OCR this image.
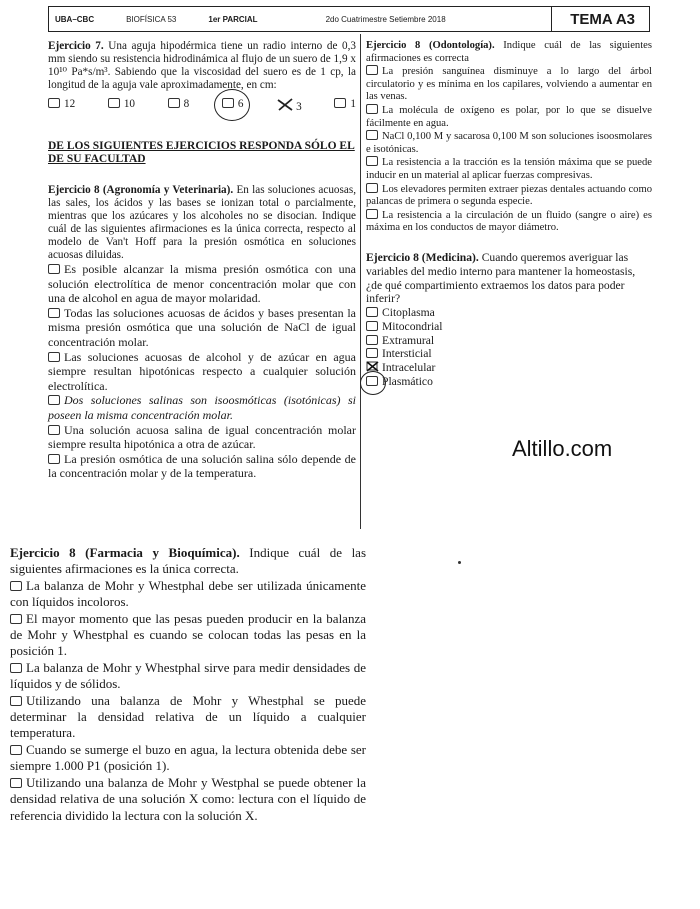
UBA–CBC	BIOFÍSICA 53	1er PARCIAL	2do Cuatrimestre Setiembre 2018	TEMA A3

Ejercicio 7. Una aguja hipodérmica tiene un radio interno de 0,3 mm siendo su resistencia hidrodinámica al flujo de un suero de 1,9 x 10¹⁰ Pa*s/m³. Sabiendo que la viscosidad del suero es de 1 cp, la longitud de la aguja vale aproximadamente, en cm:

12	10	8	6	3	1
DE LOS SIGUIENTES EJERCICIOS RESPONDA SÓLO EL DE SU FACULTAD

Ejercicio 8 (Agronomía y Veterinaria). En las soluciones acuosas, las sales, los ácidos y las bases se ionizan total o parcialmente, mientras que los azúcares y los alcoholes no se disocian. Indique cuál de las siguientes afirmaciones es la única correcta, respecto al modelo de Van't Hoff para la presión osmótica en soluciones acuosas diluidas.

Es posible alcanzar la misma presión osmótica con una solución electrolítica de menor concentración molar que con una de alcohol en agua de mayor molaridad.
Todas las soluciones acuosas de ácidos y bases presentan la misma presión osmótica que una solución de NaCl de igual concentración molar.
Las soluciones acuosas de alcohol y de azúcar en agua siempre resultan hipotónicas respecto a cualquier solución electrolítica.
Dos soluciones salinas son isoosmóticas (isotónicas) si poseen la misma concentración molar.
Una solución acuosa salina de igual concentración molar siempre resulta hipotónica a otra de azúcar.
La presión osmótica de una solución salina sólo depende de la concentración molar y de la temperatura.

Ejercicio 8 (Farmacia y Bioquímica). Indique cuál de las siguientes afirmaciones es la única correcta.

La balanza de Mohr y Whestphal debe ser utilizada únicamente con líquidos incoloros.
El mayor momento que las pesas pueden producir en la balanza de Mohr y Whestphal es cuando se colocan todas las pesas en la posición 1.
La balanza de Mohr y Whestphal sirve para medir densidades de líquidos y de sólidos.
Utilizando una balanza de Mohr y Whestphal se puede determinar la densidad relativa de un líquido a cualquier temperatura.
Cuando se sumerge el buzo en agua, la lectura obtenida debe ser siempre 1.000 P1 (posición 1).
Utilizando una balanza de Mohr y Westphal se puede obtener la densidad relativa de una solución X como: lectura con el líquido de referencia dividido la lectura con la solución X.

Ejercicio 8 (Odontología). Indique cuál de las siguientes afirmaciones es correcta

La presión sanguínea disminuye a lo largo del árbol circulatorio y es mínima en los capilares, volviendo a aumentar en las venas.
La molécula de oxígeno es polar, por lo que se disuelve fácilmente en agua.
NaCl 0,100 M y sacarosa 0,100 M son soluciones isoosmolares e isotónicas.
La resistencia a la tracción es la tensión máxima que se puede inducir en un material al aplicar fuerzas compresivas.
Los elevadores permiten extraer piezas dentales actuando como palancas de primera o segunda especie.
La resistencia a la circulación de un fluido (sangre o aire) es máxima en los conductos de mayor diámetro.

Ejercicio 8 (Medicina). Cuando queremos averiguar las variables del medio interno para mantener la homeostasis, ¿de qué compartimiento extraemos los datos para poder inferir?

Citoplasma
Mitocondrial
Extramural
Intersticial
Intracelular
Plasmático
Altillo.com
